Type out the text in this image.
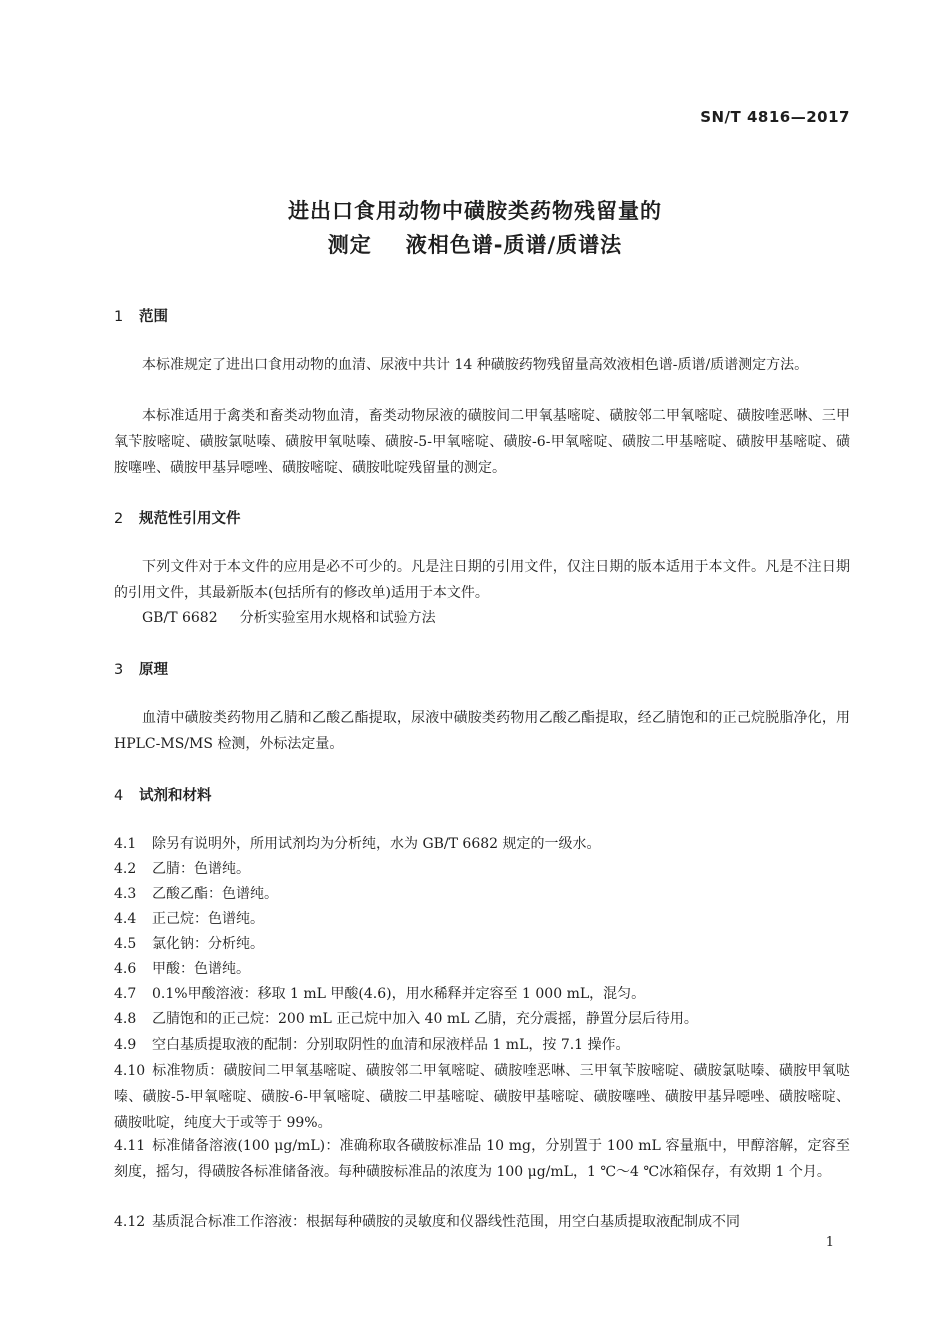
SN/T 4816—2017
进出口食用动物中磺胺类药物残留量的
测定 液相色谱-质谱/质谱法
1 范围

本标准规定了进出口食用动物的血清、尿液中共计 14 种磺胺药物残留量高效液相色谱-质谱/质谱测定方法。

本标准适用于禽类和畜类动物血清，畜类动物尿液的磺胺间二甲氧基嘧啶、磺胺邻二甲氧嘧啶、磺胺喹恶啉、三甲氧苄胺嘧啶、磺胺氯哒嗪、磺胺甲氧哒嗪、磺胺-5-甲氧嘧啶、磺胺-6-甲氧嘧啶、磺胺二甲基嘧啶、磺胺甲基嘧啶、磺胺噻唑、磺胺甲基异噁唑、磺胺嘧啶、磺胺吡啶残留量的测定。

2 规范性引用文件

下列文件对于本文件的应用是必不可少的。凡是注日期的引用文件，仅注日期的版本适用于本文件。凡是不注日期的引用文件，其最新版本(包括所有的修改单)适用于本文件。

GB/T 6682 分析实验室用水规格和试验方法
3 原理

血清中磺胺类药物用乙腈和乙酸乙酯提取，尿液中磺胺类药物用乙酸乙酯提取，经乙腈饱和的正己烷脱脂净化，用 HPLC-MS/MS 检测，外标法定量。

4 试剂和材料

4.1 除另有说明外，所用试剂均为分析纯，水为 GB/T 6682 规定的一级水。

4.2 乙腈：色谱纯。

4.3 乙酸乙酯：色谱纯。

4.4 正己烷：色谱纯。

4.5 氯化钠：分析纯。

4.6 甲酸：色谱纯。

4.7 0.1%甲酸溶液：移取 1 mL 甲酸(4.6)，用水稀释并定容至 1 000 mL，混匀。

4.8 乙腈饱和的正己烷：200 mL 正己烷中加入 40 mL 乙腈，充分震摇，静置分层后待用。

4.9 空白基质提取液的配制：分别取阴性的血清和尿液样品 1 mL，按 7.1 操作。

4.10 标准物质：磺胺间二甲氧基嘧啶、磺胺邻二甲氧嘧啶、磺胺喹恶啉、三甲氧苄胺嘧啶、磺胺氯哒嗪、磺胺甲氧哒嗪、磺胺-5-甲氧嘧啶、磺胺-6-甲氧嘧啶、磺胺二甲基嘧啶、磺胺甲基嘧啶、磺胺噻唑、磺胺甲基异噁唑、磺胺嘧啶、磺胺吡啶，纯度大于或等于 99%。

4.11 标准储备溶液(100 μg/mL)：准确称取各磺胺标准品 10 mg，分别置于 100 mL 容量瓶中，甲醇溶解，定容至刻度，摇匀，得磺胺各标准储备液。每种磺胺标准品的浓度为 100 μg/mL，1 ℃～4 ℃冰箱保存，有效期 1 个月。

4.12 基质混合标准工作溶液：根据每种磺胺的灵敏度和仪器线性范围，用空白基质提取液配制成不同

1
